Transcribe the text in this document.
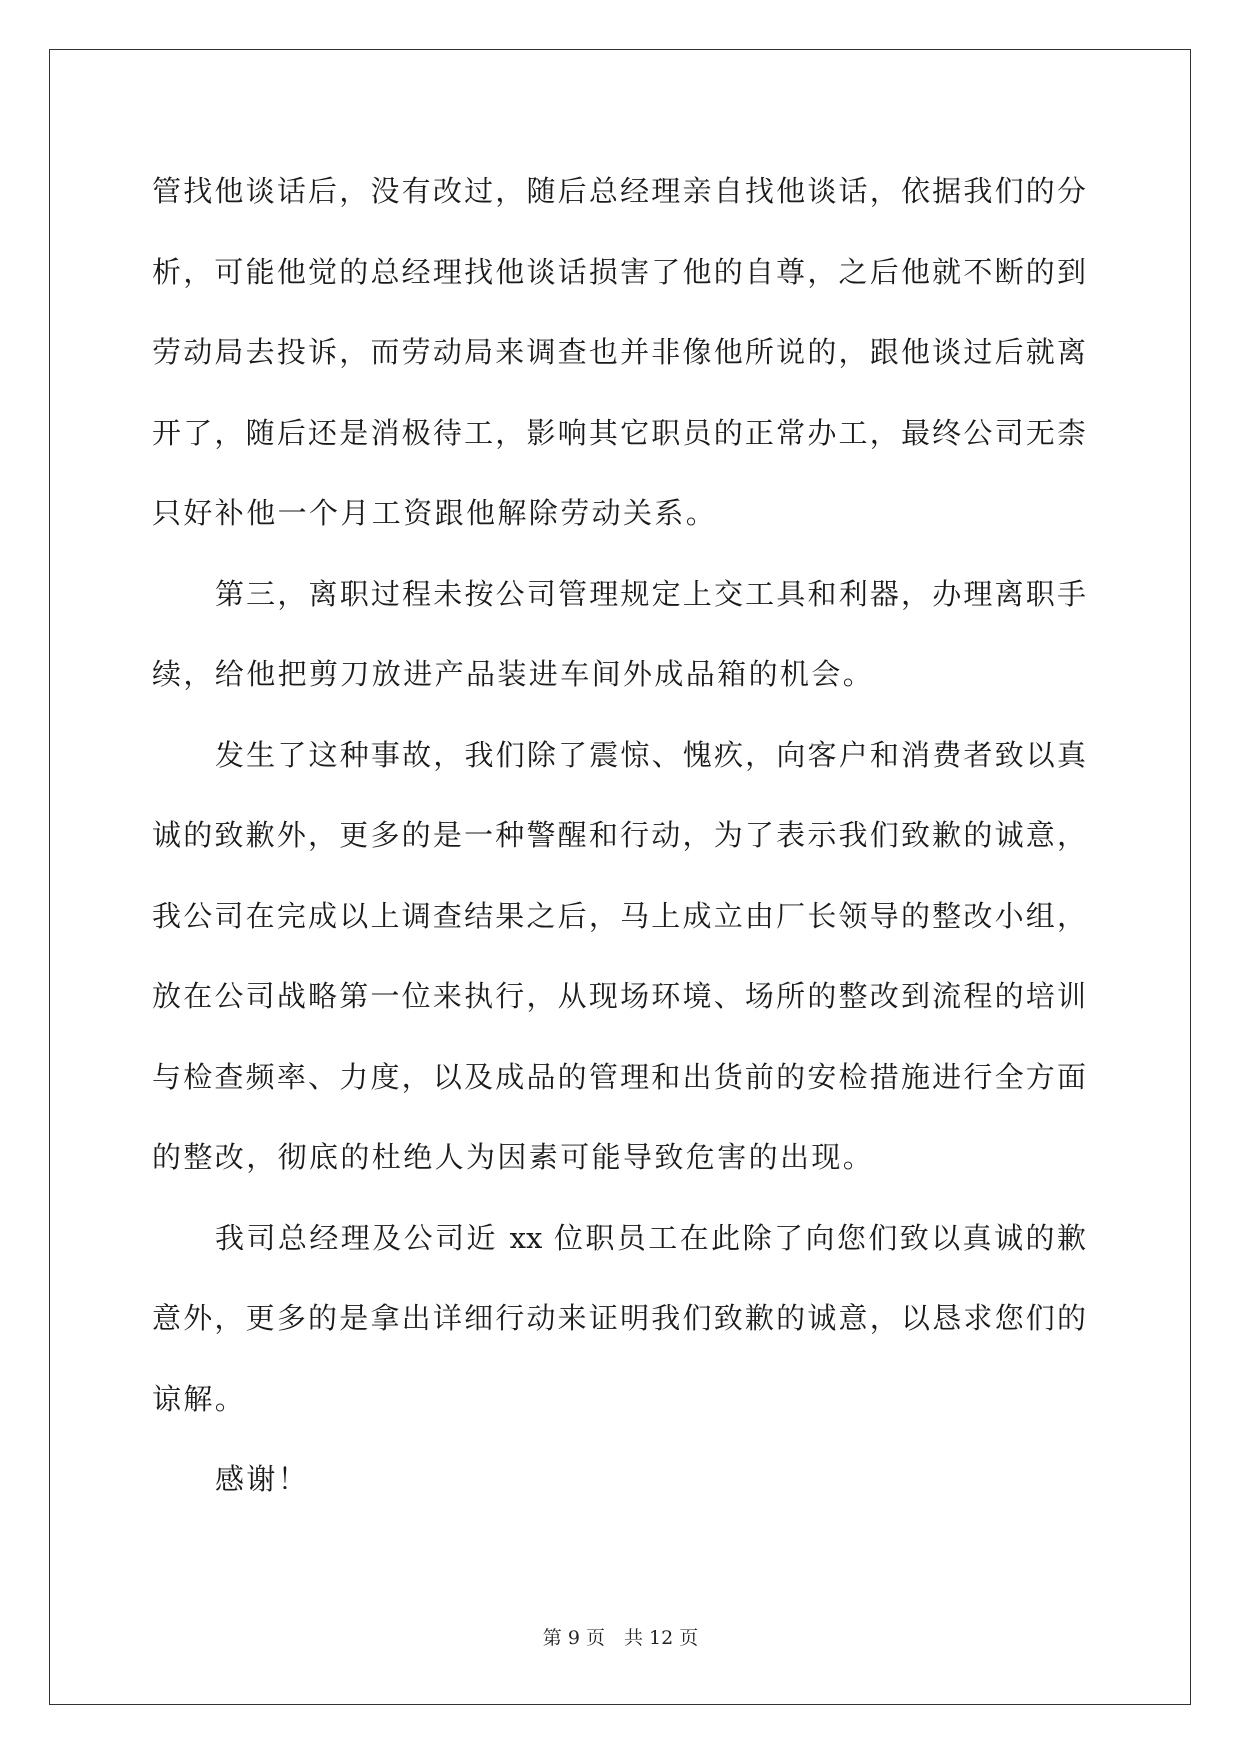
管找他谈话后，没有改过，随后总经理亲自找他谈话，依据我们的分
析，可能他觉的总经理找他谈话损害了他的自尊，之后他就不断的到
劳动局去投诉，而劳动局来调查也并非像他所说的，跟他谈过后就离
开了，随后还是消极待工，影响其它职员的正常办工，最终公司无柰
只好补他一个月工资跟他解除劳动关系。
第三，离职过程未按公司管理规定上交工具和利器，办理离职手
续，给他把剪刀放进产品装进车间外成品箱的机会。
发生了这种事故，我们除了震惊、愧疚，向客户和消费者致以真
诚的致歉外，更多的是一种警醒和行动，为了表示我们致歉的诚意，
我公司在完成以上调查结果之后，马上成立由厂长领导的整改小组，
放在公司战略第一位来执行，从现场环境、场所的整改到流程的培训
与检查频率、力度，以及成品的管理和出货前的安检措施进行全方面
的整改，彻底的杜绝人为因素可能导致危害的出现。
我司总经理及公司近 xx 位职员工在此除了向您们致以真诚的歉
意外，更多的是拿出详细行动来证明我们致歉的诚意，以恳求您们的
谅解。
感谢！
第 9 页　共 12 页
